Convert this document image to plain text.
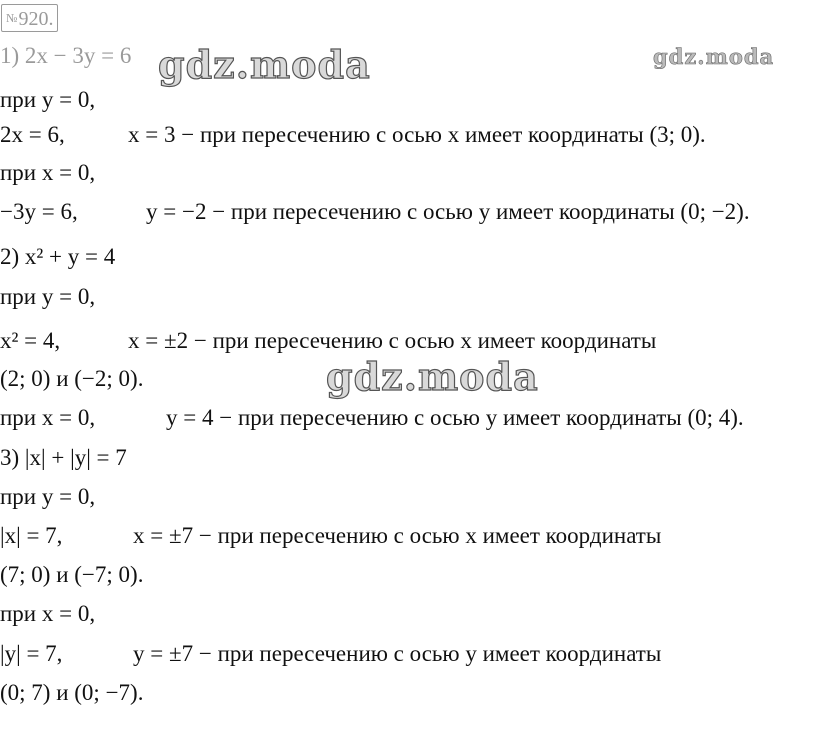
№920.
1) 2x − 3y = 6 gdz.moda	gdz.moda
при y = 0,
2x = 6,	x = 3 − при пересечению с осью x имеет координаты (3; 0).
при x = 0,
−3y = 6,	y = −2 − при пересечению с осью y имеет координаты (0; −2).
2) x² + y = 4
при y = 0,
x² = 4,	x = ±2 − при пересечению с осью x имеет координаты
(2; 0) и (−2; 0).	gdz.moda
при x = 0,	y = 4 − при пересечению с осью y имеет координаты (0; 4).
3) |x| + |y| = 7
при y = 0,
|x| = 7,	x = ±7 − при пересечению с осью x имеет координаты
(7; 0) и (−7; 0).
при x = 0,
|y| = 7,	y = ±7 − при пересечению с осью y имеет координаты
(0; 7) и (0; −7).
